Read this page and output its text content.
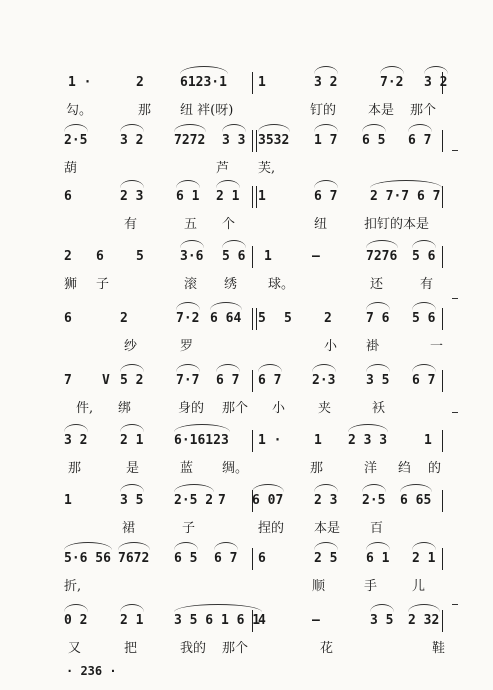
1 ·	2	6123·1 1	3 2	7·2 3 2
勾。	那 纽 袢(呀)	钉的 本是 那个
2·5	3 2 7272 3 3 3532 1 7 6 5 6 7
葫	芦 芙,
6	2 3	6 1 2 1 1	6 7	2 7·7 6 7
有	五 个	纽	扣钉的本是
2 6 5	3·6 5 6 1	—	7276 5 6
狮 子	滚 绣 球。	还	有
6	2	7·2 6 64 5 5 2	7 6 5 6
纱	罗	小 褂	一
7 V 5 2	7·7 6 7 6 7 2·3 3 5 6 7
件, 绑	身的 那个 小	夹	袄
3 2	2 1 6·16123 1 ·	1 2 3 3	1
那	是	蓝 绸。	那	洋 绉 的
1	3 5 2·5 2 7 6 07 2 3 2·5 6 65
裙	子	捏的 本是 百
5·6 56 7672 6 5 6 7 6	2 5 6 1 2 1
折,	顺	手	儿
0 2	2 1 3 5 6 1 6 1
4	—	3 5 2 32
又	把	我的 那个	花	鞋
· 236 ·
